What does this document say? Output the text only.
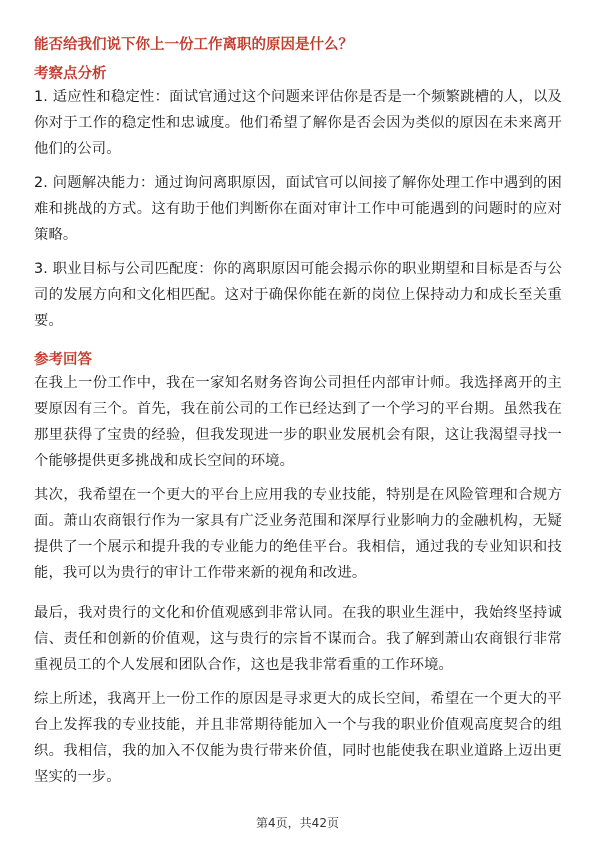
能否给我们说下你上一份工作离职的原因是什么？
考察点分析
1. 适应性和稳定性：面试官通过这个问题来评估你是否是一个频繁跳槽的人，以及你对于工作的稳定性和忠诚度。他们希望了解你是否会因为类似的原因在未来离开他们的公司。
2. 问题解决能力：通过询问离职原因，面试官可以间接了解你处理工作中遇到的困难和挑战的方式。这有助于他们判断你在面对审计工作中可能遇到的问题时的应对策略。
3. 职业目标与公司匹配度：你的离职原因可能会揭示你的职业期望和目标是否与公司的发展方向和文化相匹配。这对于确保你能在新的岗位上保持动力和成长至关重要。
参考回答
在我上一份工作中，我在一家知名财务咨询公司担任内部审计师。我选择离开的主要原因有三个。首先，我在前公司的工作已经达到了一个学习的平台期。虽然我在那里获得了宝贵的经验，但我发现进一步的职业发展机会有限，这让我渴望寻找一个能够提供更多挑战和成长空间的环境。
其次，我希望在一个更大的平台上应用我的专业技能，特别是在风险管理和合规方面。萧山农商银行作为一家具有广泛业务范围和深厚行业影响力的金融机构，无疑提供了一个展示和提升我的专业能力的绝佳平台。我相信，通过我的专业知识和技能，我可以为贵行的审计工作带来新的视角和改进。
最后，我对贵行的文化和价值观感到非常认同。在我的职业生涯中，我始终坚持诚信、责任和创新的价值观，这与贵行的宗旨不谋而合。我了解到萧山农商银行非常重视员工的个人发展和团队合作，这也是我非常看重的工作环境。
综上所述，我离开上一份工作的原因是寻求更大的成长空间，希望在一个更大的平台上发挥我的专业技能，并且非常期待能加入一个与我的职业价值观高度契合的组织。我相信，我的加入不仅能为贵行带来价值，同时也能使我在职业道路上迈出更坚实的一步。
第4页，共42页
